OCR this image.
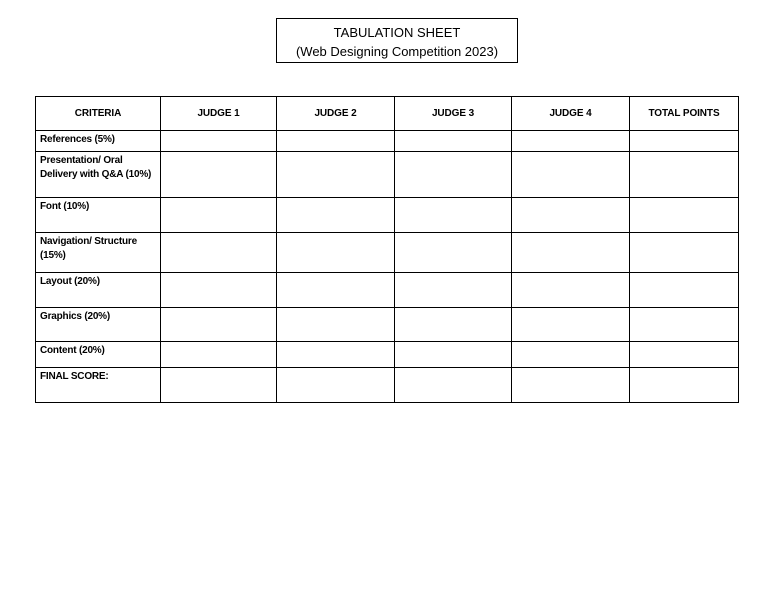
TABULATION SHEET
(Web Designing Competition 2023)
CRITERIA	JUDGE 1	JUDGE 2	JUDGE 3	JUDGE 4	TOTAL POINTS
References (5%)					
Presentation/ Oral Delivery with Q&A (10%)					
Font (10%)					
Navigation/ Structure (15%)					
Layout (20%)					
Graphics (20%)					
Content (20%)					
FINAL SCORE:					
